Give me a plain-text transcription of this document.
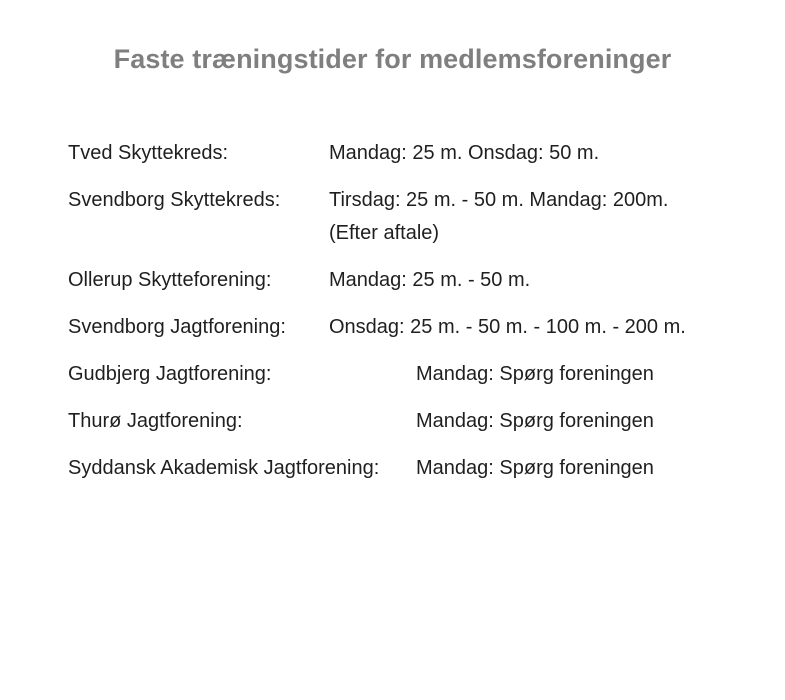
Faste træningstider for medlemsforeninger
Tved Skyttekreds:	Mandag: 25 m. Onsdag: 50 m.
Svendborg Skyttekreds: Tirsdag: 25 m. - 50 m. Mandag: 200m.
(Efter aftale)
Ollerup Skytteforening:	Mandag: 25 m. - 50 m.
Svendborg Jagtforening: Onsdag: 25 m. - 50 m. - 100 m. - 200 m.
Gudbjerg Jagtforening:	Mandag: Spørg foreningen
Thurø Jagtforening:	Mandag: Spørg foreningen
Syddansk Akademisk Jagtforening: Mandag: Spørg foreningen
